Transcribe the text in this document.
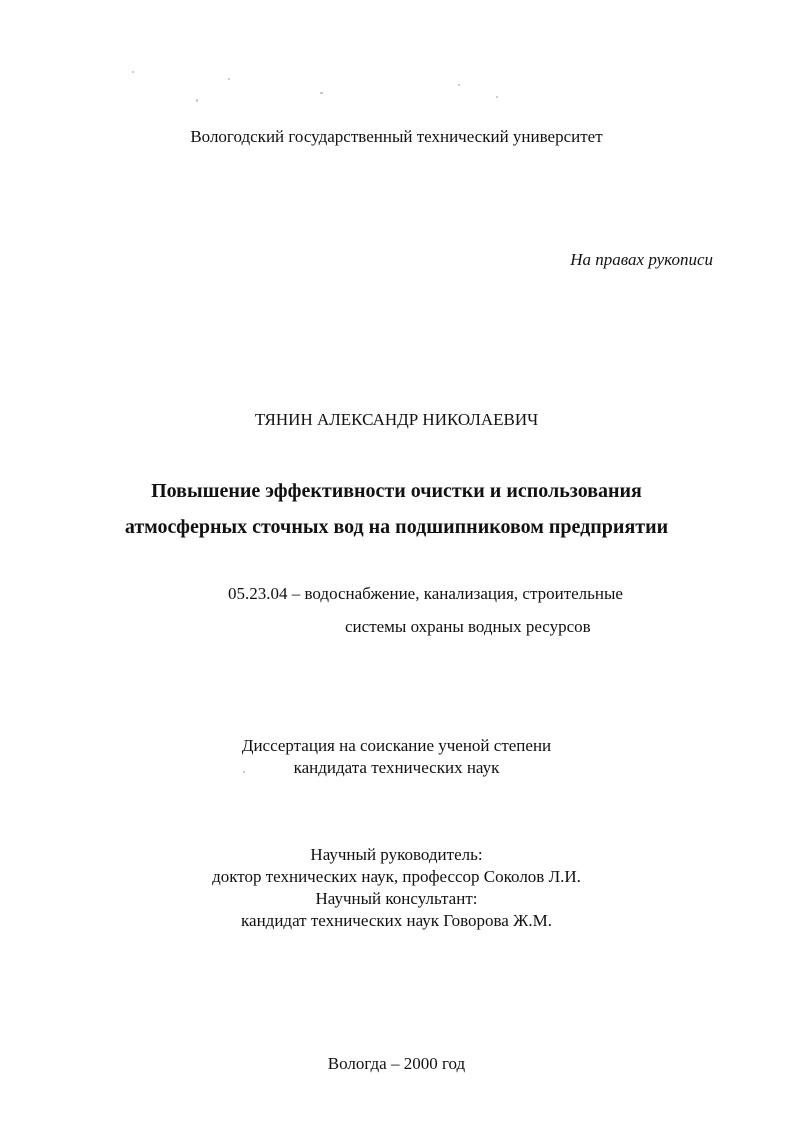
Вологодский государственный технический университет
На правах рукописи
ТЯНИН АЛЕКСАНДР НИКОЛАЕВИЧ
Повышение эффективности очистки и использования
атмосферных сточных вод на подшипниковом предприятии
05.23.04 – водоснабжение, канализация, строительные
системы охраны водных ресурсов
Диссертация на соискание ученой степени
кандидата технических наук
Научный руководитель:
доктор технических наук, профессор Соколов Л.И.
Научный консультант:
кандидат технических наук Говорова Ж.М.
Вологда – 2000 год
